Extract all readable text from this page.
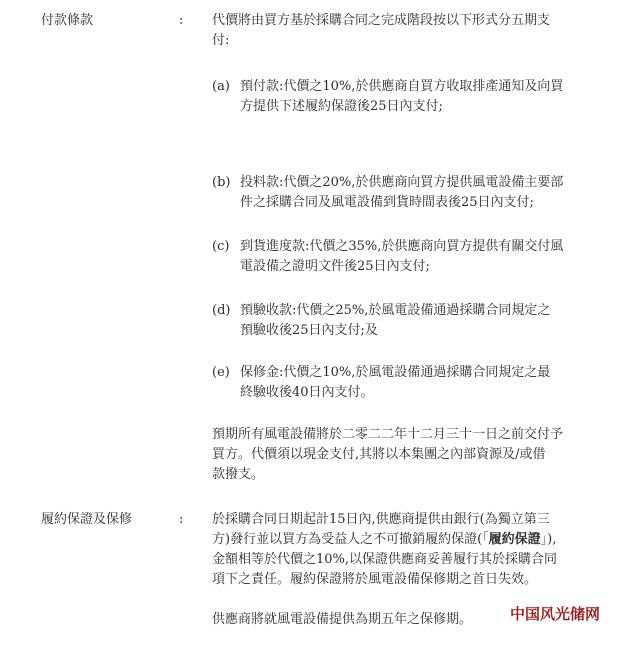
付款條款	: 代價將由買方基於採購合同之完成階段按以下形式分五期支
付:
(a) 預付款:代價之10%,於供應商自買方收取排產通知及向買
方提供下述履約保證後25日內支付;
(b) 投料款:代價之20%,於供應商向買方提供風電設備主要部
件之採購合同及風電設備到貨時間表後25日內支付;
(c) 到貨進度款:代價之35%,於供應商向買方提供有關交付風
電設備之證明文件後25日內支付;
(d) 預驗收款:代價之25%,於風電設備通過採購合同規定之
預驗收後25日內支付;及
(e) 保修金:代價之10%,於風電設備通過採購合同規定之最
終驗收後40日內支付。
預期所有風電設備將於二零二二年十二月三十一日之前交付予
買方。代價須以現金支付,其將以本集團之內部資源及/或借
款撥支。
履約保證及保修	: 於採購合同日期起計15日內,供應商提供由銀行(為獨立第三
方)發行並以買方為受益人之不可撤銷履約保證(「履約保證」),
金額相等於代價之10%,以保證供應商妥善履行其於採購合同
項下之責任。履約保證將於風電設備保修期之首日失效。
供應商將就風電設備提供為期五年之保修期。	中国风光储网
